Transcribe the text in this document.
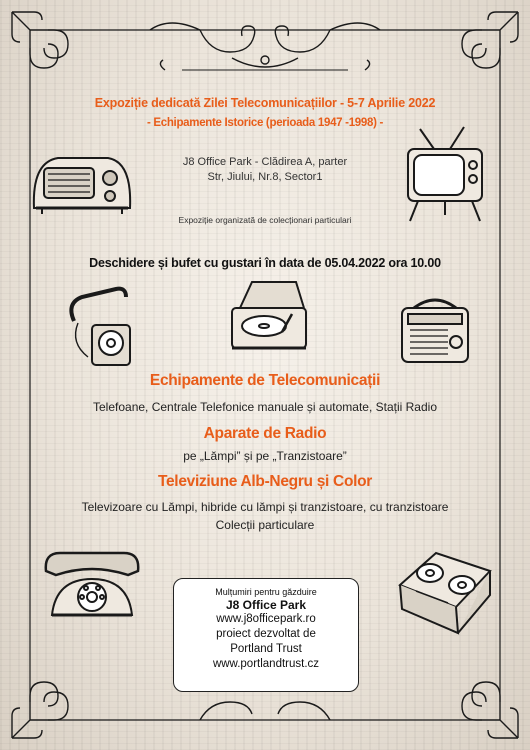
Expoziție dedicată Zilei Telecomunicațiilor - 5-7 Aprilie 2022
- Echipamente Istorice (perioada 1947 -1998) -
J8 Office Park - Clădirea A, parter
Str, Jiului, Nr.8, Sector1
Expoziție organizată de colecționari particulari
Deschidere și bufet cu gustari în data de 05.04.2022 ora 10.00
Echipamente de Telecomunicații
Telefoane, Centrale Telefonice manuale și automate, Stații Radio
Aparate de Radio
pe „Lămpi” și pe „Tranzistoare”
Televiziune Alb-Negru și Color
Televizoare cu Lămpi, hibride cu lămpi și tranzistoare, cu tranzistoare
Colecții particulare
Mulțumiri pentru găzduire
J8 Office Park
www.j8officepark.ro
proiect dezvoltat de
Portland Trust
www.portlandtrust.cz
